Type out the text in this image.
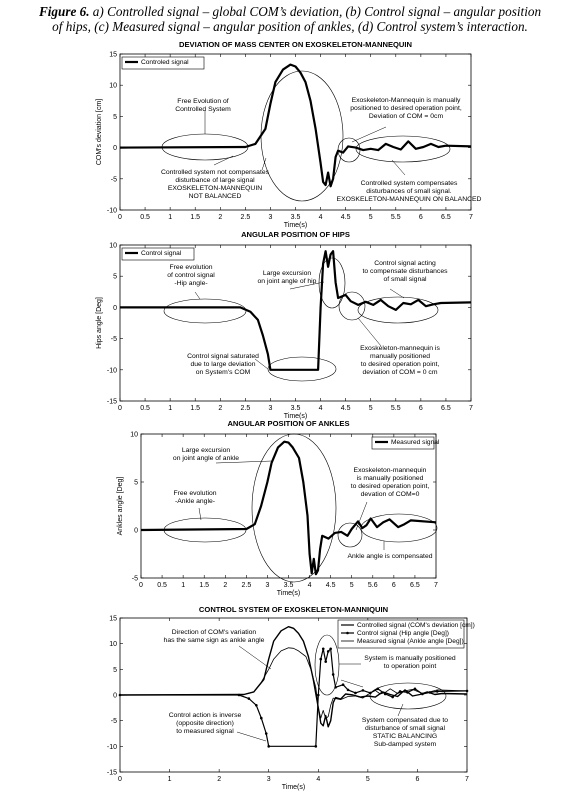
Figure 6. a) Controlled signal – global COM’s deviation, (b) Control signal – angular position
of hips, (c) Measured signal – angular position of ankles, (d) Control system’s interaction.
DEVIATION OF MASS CENTER ON EXOSKELETON-MANNEQUIN
0	0.5	1	1.5	2	2.5	3	3.5	4	4.5	5	5.5	6	6.5	7
-10
-5
0
5
10
15
Time(s)
COM's deviation [cm]
Controled signal
Free Evolution of Controlled System
Controlled system not compensates disturbance of large signal EXOSKELETON-MANNEQUIN NOT BALANCED
Exoskeleton-Mannequin is manually positioned to desired operation point, Deviation of COM = 0cm
Controlled system compensates disturbances of small signal. EXOSKELETON-MANNEQUIN ON BALANCED
ANGULAR POSITION OF HIPS
0	0.5	1	1.5	2	2.5	3	3.5	4	4.5	5	5.5	6	6.5	7
-15
-10
-5
0
5
10
Time(s)
Hips angle [Deg]
Control signal
Free evolution of control signal -Hip angle-
Large excursion on joint angle of hip
Control signal acting to compensate disturbances of small signal
Exoskeleton-mannequin is manually positioned to desired operation point, deviation of COM = 0 cm
Control signal saturated due to large deviation on System's COM
ANGULAR POSITION OF ANKLES
0 0.5 1 1.5 2 2.5 3 3.5 4 4.5 5 5.6 6 6.5 7
-5
0
5
10
Time(s)
Ankles angle [Deg]
Measured signal
Large excursion on joint angle of ankle
Free evolution -Ankle angle-
Exoskeleton-mannequin is manually positioned to desired operation point, devation of COM=0
Ankle angle is compensated
CONTROL SYSTEM OF EXOSKELETON-MANNIQUIN
0	1	2	3	4	5	6	7
-15
-10
-5
0
5
10
15
Time(s)
Controlled signal (COM's deviation [cm])
Control signal (Hip angle [Deg])
Measured signal (Ankle angle [Deg])
Direction of COM's variation has the same sign as ankle angle
System is manually positioned to operation point
Control action is inverse (opposite direction) to measured signal
System compensated due to disturbance of small signal STATIC BALANCING Sub-damped system
